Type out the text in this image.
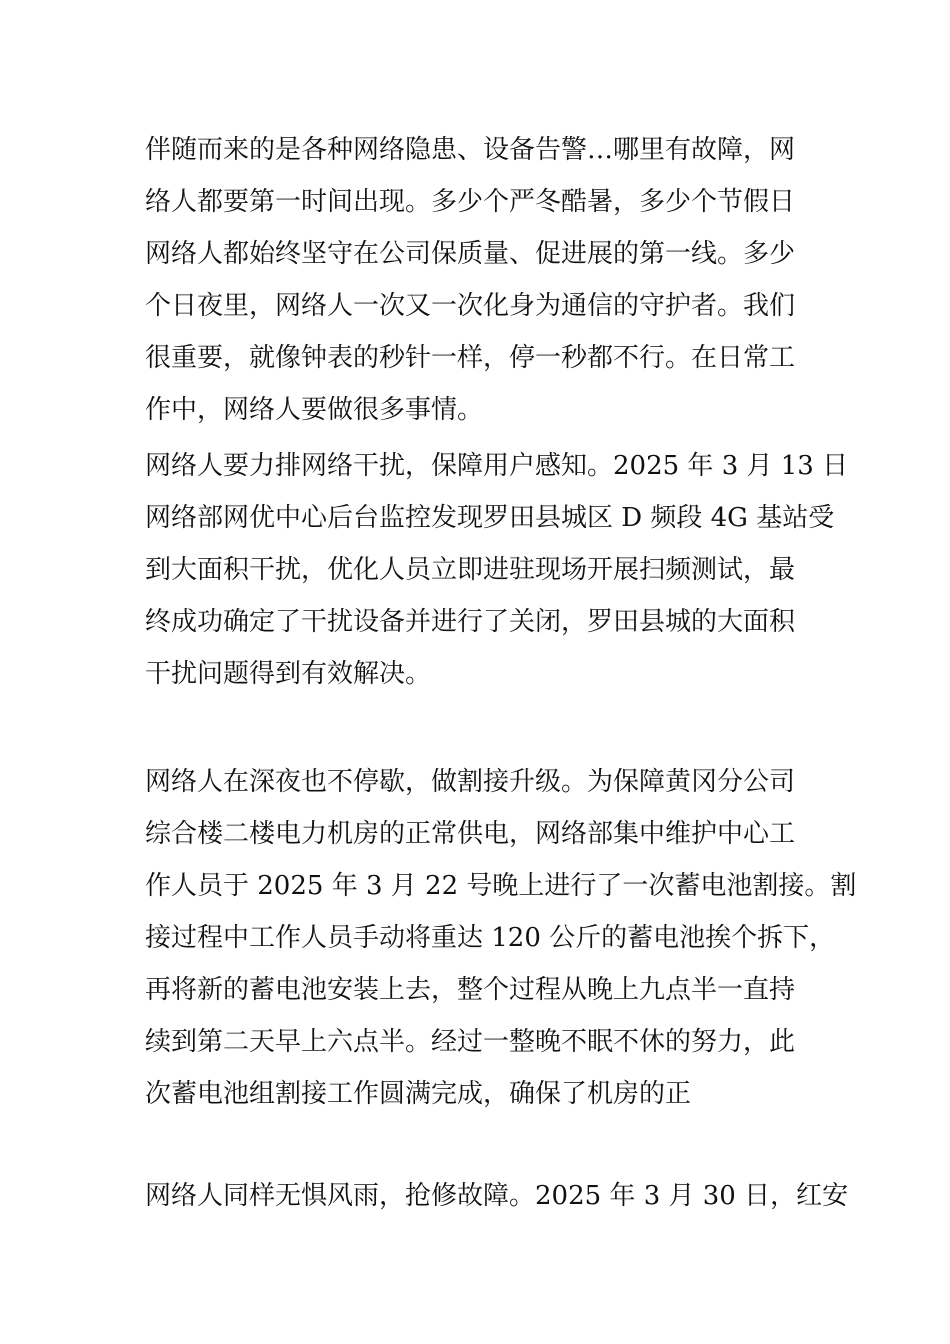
伴随而来的是各种网络隐患、设备告警…哪里有故障，网
络人都要第一时间出现。多少个严冬酷暑，多少个节假日
网络人都始终坚守在公司保质量、促进展的第一线。多少
个日夜里，网络人一次又一次化身为通信的守护者。我们
很重要，就像钟表的秒针一样，停一秒都不行。在日常工
作中，网络人要做很多事情。
网络人要力排网络干扰，保障用户感知。2025 年 3 月 13 日
网络部网优中心后台监控发现罗田县城区 D 频段 4G 基站受
到大面积干扰，优化人员立即进驻现场开展扫频测试，最
终成功确定了干扰设备并进行了关闭，罗田县城的大面积
干扰问题得到有效解决。
网络人在深夜也不停歇，做割接升级。为保障黄冈分公司
综合楼二楼电力机房的正常供电，网络部集中维护中心工
作人员于 2025 年 3 月 22 号晚上进行了一次蓄电池割接。割
接过程中工作人员手动将重达 120 公斤的蓄电池挨个拆下，
再将新的蓄电池安装上去，整个过程从晚上九点半一直持
续到第二天早上六点半。经过一整晚不眠不休的努力，此
次蓄电池组割接工作圆满完成，确保了机房的正
网络人同样无惧风雨，抢修故障。2025 年 3 月 30 日，红安
